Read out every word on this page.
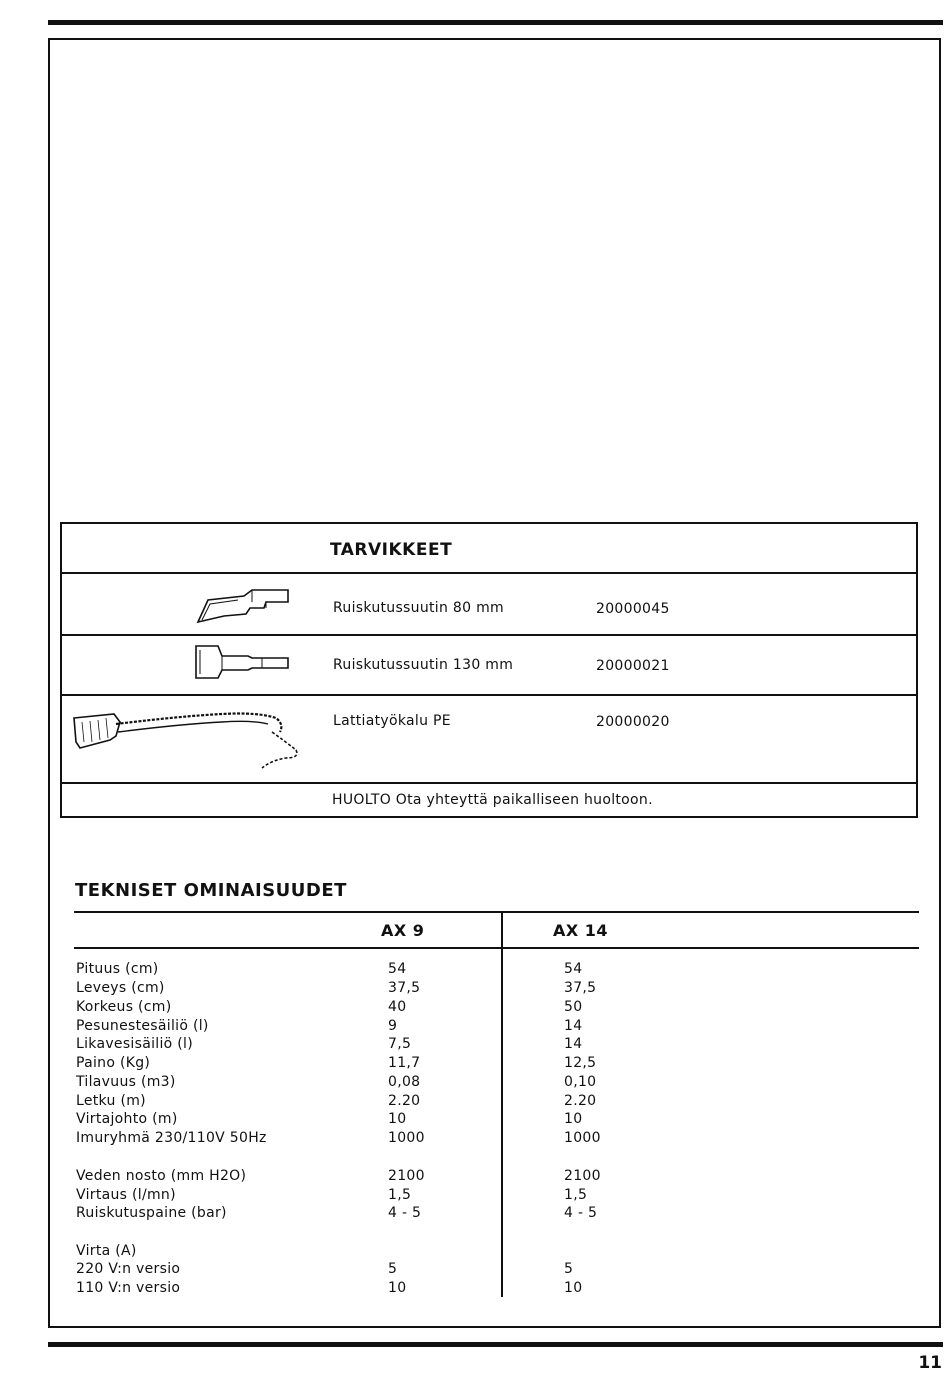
TARVIKKEET
Ruiskutussuutin 80 mm	20000045
Ruiskutussuutin 130 mm	20000021
Lattiatyökalu PE	20000020
HUOLTO Ota yhteyttä paikalliseen huoltoon.
TEKNISET OMINAISUUDET
AX 9	AX 14
Pituus (cm)	54	54
Leveys (cm)	37,5	37,5
Korkeus (cm)	40	50
Pesunestesäiliö (l)	9	14
Likavesisäiliö (l)	7,5	14
Paino (Kg)	11,7	12,5
Tilavuus (m3)	0,08	0,10
Letku (m)	2.20	2.20
Virtajohto (m)	10	10
Imuryhmä 230/110V 50Hz	1000	1000
Veden nosto (mm H2O)	2100	2100
Virtaus (l/mn)	1,5	1,5
Ruiskutuspaine (bar)	4 - 5	4 - 5
Virta (A)
220 V:n versio	5	5
110 V:n versio	10	10
11
